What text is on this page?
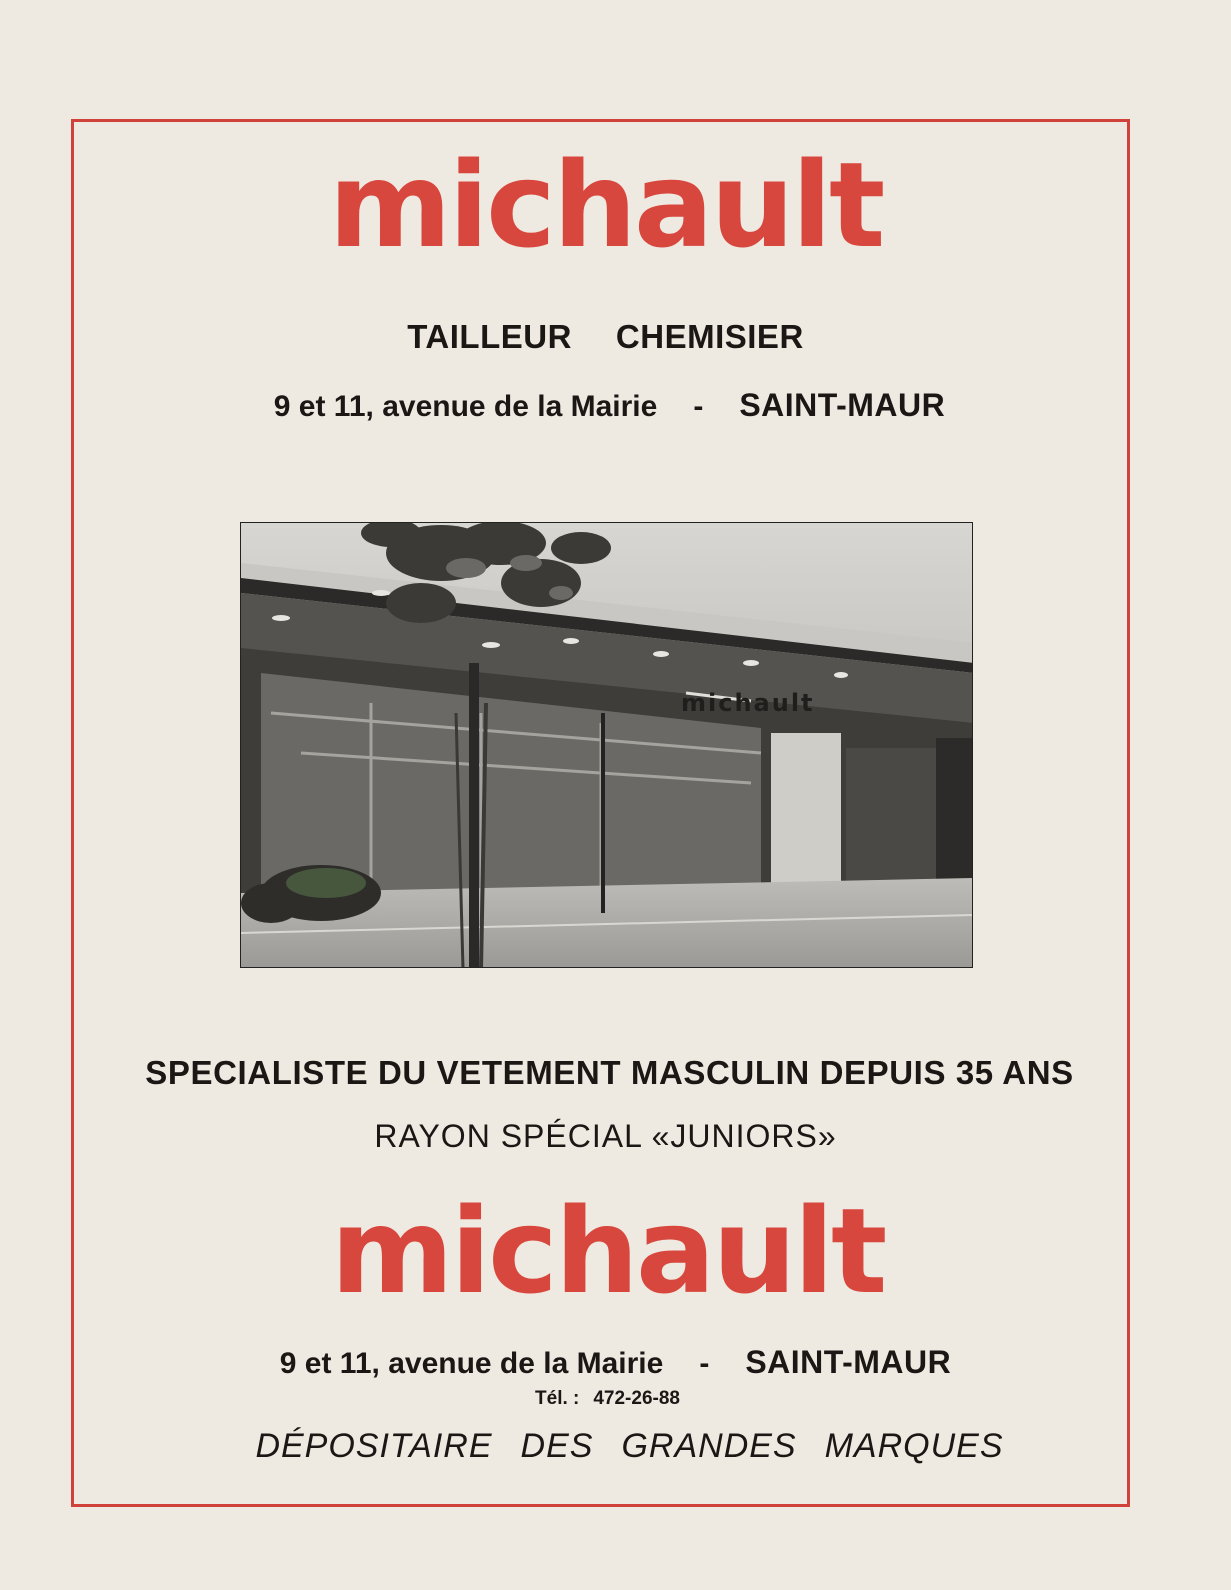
michault
TAILLEUR CHEMISIER
9 et 11, avenue de la Mairie - SAINT-MAUR
michault
SPECIALISTE DU VETEMENT MASCULIN DEPUIS 35 ANS
RAYON SPÉCIAL «JUNIORS»
michault
9 et 11, avenue de la Mairie - SAINT-MAUR
Tél. : 472-26-88
DÉPOSITAIRE DES GRANDES MARQUES
